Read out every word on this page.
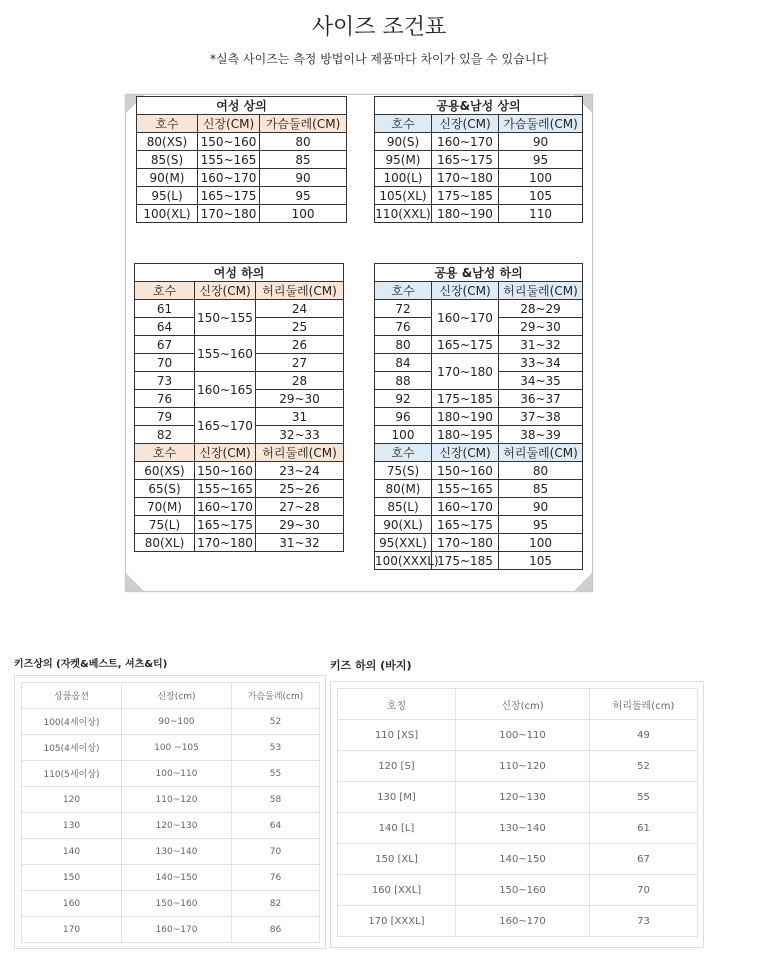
사이즈 조건표
*실측 사이즈는 측정 방법이나 제품마다 차이가 있을 수 있습니다
여성 상의		
호수	신장(CM)	가슴둘레(CM)
80(XS)	150~160	80
85(S)	155~165	85
90(M)	160~170	90
95(L)	165~175	95
100(XL)	170~180	100
공용&남성 상의		
호수	신장(CM)	가슴둘레(CM)
90(S)	160~170	90
95(M)	165~175	95
100(L)	170~180	100
105(XL)	175~185	105
110(XXL)	180~190	110
여성 하의		
호수	신장(CM)	허리둘레(CM)
61	150~155	24
64		25
67	155~160	26
70		27
73	160~165	28
76		29~30
79	165~170	31
82		32~33
호수	신장(CM)	허리둘레(CM)
60(XS)	150~160	23~24
65(S)	155~165	25~26
70(M)	160~170	27~28
75(L)	165~175	29~30
80(XL)	170~180	31~32
공용 &남성 하의		
호수	신장(CM)	허리둘레(CM)
72	160~170	28~29
76		29~30
80	165~175	31~32
84	170~180	33~34
88		34~35
92	175~185	36~37
96	180~190	37~38
100	180~195	38~39
호수	신장(CM)	허리둘레(CM)
75(S)	150~160	80
80(M)	155~165	85
85(L)	160~170	90
90(XL)	165~175	95
95(XXL)	170~180	100
100(XXXL)	175~185	105
키즈상의 (자켓&베스트, 셔츠&티)
상품옵션	신장(cm)	가슴둘레(cm)
100(4세이상)	90~100	52
105(4세이상)	100 ~105	53
110(5세이상)	100~110	55
120	110~120	58
130	120~130	64
140	130~140	70
150	140~150	76
160	150~160	82
170	160~170	86
키즈 하의 (바지)
호칭	신장(cm)	허리둘레(cm)
110 [XS]	100~110	49
120 [S]	110~120	52
130 [M]	120~130	55
140 [L]	130~140	61
150 [XL]	140~150	67
160 [XXL]	150~160	70
170 [XXXL]	160~170	73
